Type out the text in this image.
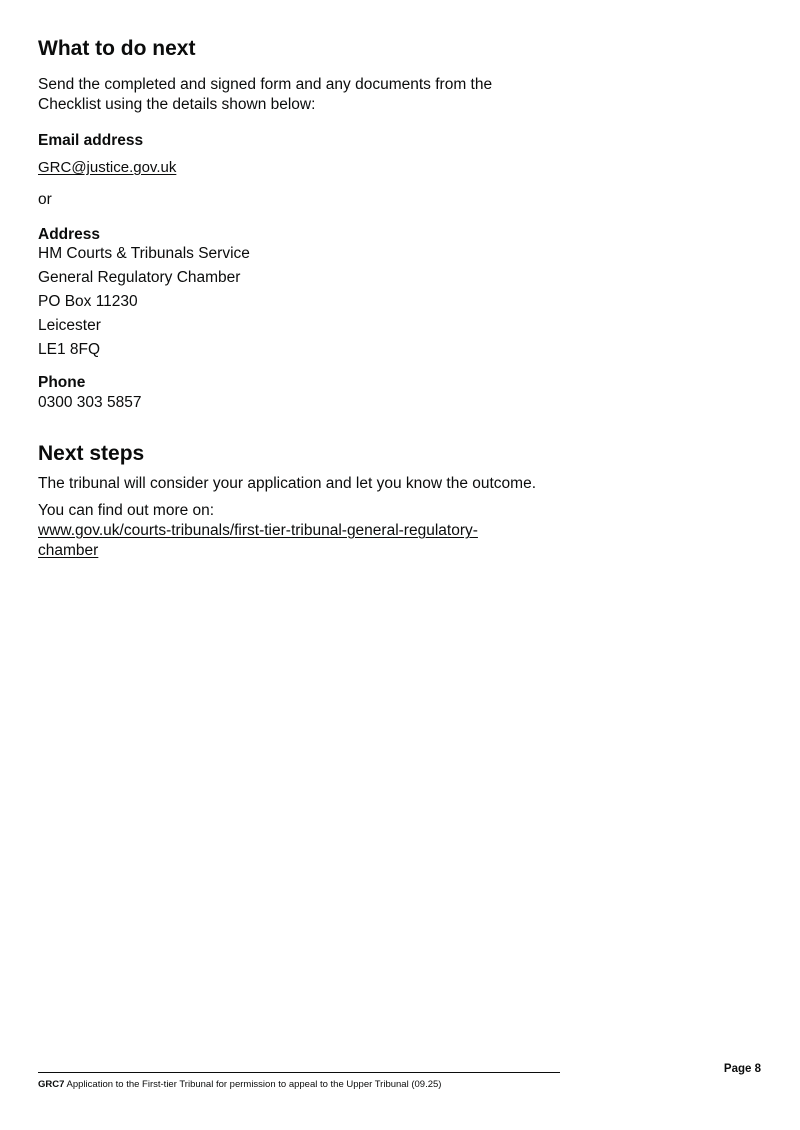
What to do next
Send the completed and signed form and any documents from the Checklist using the details shown below:
Email address
GRC@justice.gov.uk
or
Address
HM Courts & Tribunals Service
General Regulatory Chamber
PO Box 11230
Leicester
LE1 8FQ
Phone
0300 303 5857
Next steps
The tribunal will consider your application and let you know the outcome.
You can find out more on:
www.gov.uk/courts-tribunals/first-tier-tribunal-general-regulatory-chamber
Page 8
GRC7 Application to the First-tier Tribunal for permission to appeal to the Upper Tribunal (09.25)
